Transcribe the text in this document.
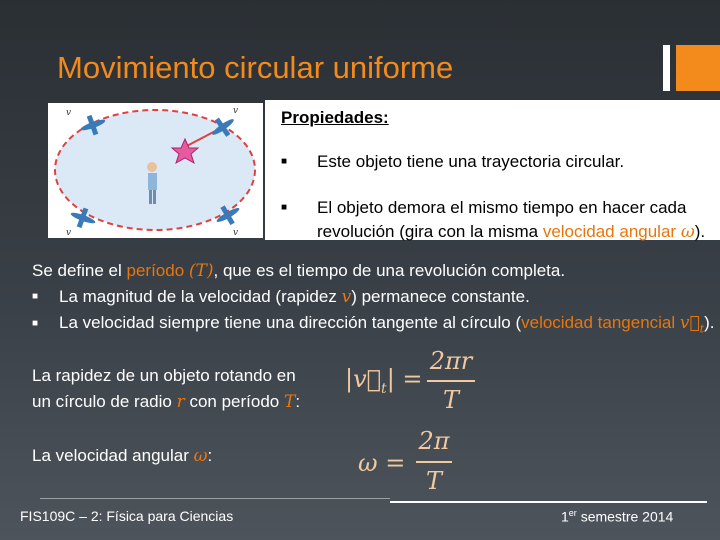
Movimiento circular uniforme
v	v
v	v
Propiedades:
■ Este objeto tiene una trayectoria circular.
■ El objeto demora el mismo tiempo en hacer cada
revolución (gira con la misma velocidad angular ω).
Se define el período (T), que es el tiempo de una revolución completa.
■ La magnitud de la velocidad (rapidez v) permanece constante.
■ La velocidad siempre tiene una dirección tangente al círculo (velocidad tangencial $v⃗_t$).
La rapidez de un objeto rotando en
un círculo de radio r con período T:
La velocidad angular ω:
$|v⃗_t|$ =
2πr
T
ω =
2π
T
FIS109C – 2: Física para Ciencias	1er semestre 2014
